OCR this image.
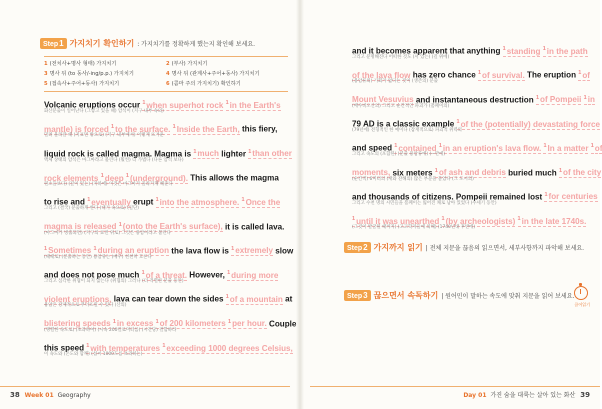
Step1 가지치기 확인하기 : 가지치기를 정확하게 했는지 확인해 보세요.
1 (전치사+명사 형태) 가지치기	2 (부사) 가지치기
3 명사 뒤 (to 동사/-ing/p.p.) 가지치기	4 명사 뒤 (관계사+주어+동사) 가지치기
5 (접속사+주어+동사) 가지치기	6 (콤마 주의 가지치기) 확인하기
Volcanic eruptions occur $^1$when superhot rock $^1$in the Earth's
화산분출이 일어난다 (그렇고 있을 때) 암석이 (지구 내부 속의)
mantle) is forced $^1$to the surface. $^1$Inside the Earth, this fiery,
밀려 올라갈 때 (지표면 밖으로) (지구 내부에서) 이렇게 뜨거운
liquid rock is called magma. Magma is $^1$much lighter $^1$than other
액체 상태의 암석은 마그마라고 불린다 (훨씬) 더 가볍다 (다른 암석 보다)
rock elements $^1$deep $^1$(underground). This allows the magma
원소들보다) (깊이 있는) (지하에) 이것은 마그마가 올라가게 해준다
to rise and $^1$eventually erupt $^1$into the atmosphere. $^1$Once the
그리고 (결국) 분출하게 한다 (대기 속으로) (일단)
magma is released $^1$(onto the Earth's surface), it is called lava.
(마그마가 방출되면) (지구의 표면 위로) 그것은 용암이라고 불린다
$^1$Sometimes $^1$during an eruption the lava flow is $^1$extremely slow
(때때로) (분출하는 동안) 용암류는 (매우) 천천히 흐른다
and does not pose much $^1$of a threat. However, $^1$during more
그리고 심각한 위협이 되지 않는다 (위협의) 그러나 (더 격렬한 분출 동안)
violent eruptions, lava can tear down the sides $^1$of a mountain at
용암은 강제적으로 무너뜨릴 수 있다 (산의)
blistering speeds $^1$in excess $^1$of 200 kilometers $^1$per hour. Couple
(맹렬한 속도로) (초과하여) (시속 200킬로미터를) (시간당) 결합하라
this speed $^1$with temperatures $^1$exceeding 1000 degrees Celsius,
이 속도와 (온도와 함께) (섭씨 1000도를 초과하는)
38 Week 01 Geography
and it becomes apparent that anything $^1$standing $^1$in the path
그리고 분명해진다 어떠한 것도 (서 있는) (길 위에)
of the lava flow has zero chance $^1$of survival. The eruption $^1$of
(용암류의) 기회가 없다는 것이 (생존의) 분출
Mount Vesuvius and instantaneous destruction $^1$of Pompeii $^1$in
(베수비오산의) 그리고 순간적인 파괴가 (폼페이의)
79 AD is a classic example $^1$of the (potentially) devastating force
(79년에) 전형적인 한 예이다 (잠재적으로) 파괴적 위력의
and speed $^1$contained $^1$in an eruption's lava flow. $^1$In a matter $^1$of
그리고 속도의 (포함된) (분출 용암류에) (~만에)
moments, six meters $^1$of ash and debris buried much $^1$of the city
(순간적) 6미터의 (재와 잔해의) 많은 부분을 묻었다 (그 도시의)
and thousands of citizens. Pompeii remained lost $^1$for centuries
그리고 수천 명의 시민들을 폼페이는 잃어진 채로 남아 있었다 (수세기 동안)
$^1$until it was unearthed $^1$(by archeologists) $^1$in the late 1740s.
(그것이 발굴될 때까지) (고고학자들에 의해) (1740년대 후반에)
Step2 가지까지 읽기 | 전체 지문을 끊음의 읽으면서, 세부사항까지 파악해 보세요.
Step3 끊으면서 속독하기 | 원어민이 말하는 속도에 맞춰 지문을 읽어 보세요.
끊어읽기
Day 01 가진 숨을 대륙는 살아 있는 화산 39
